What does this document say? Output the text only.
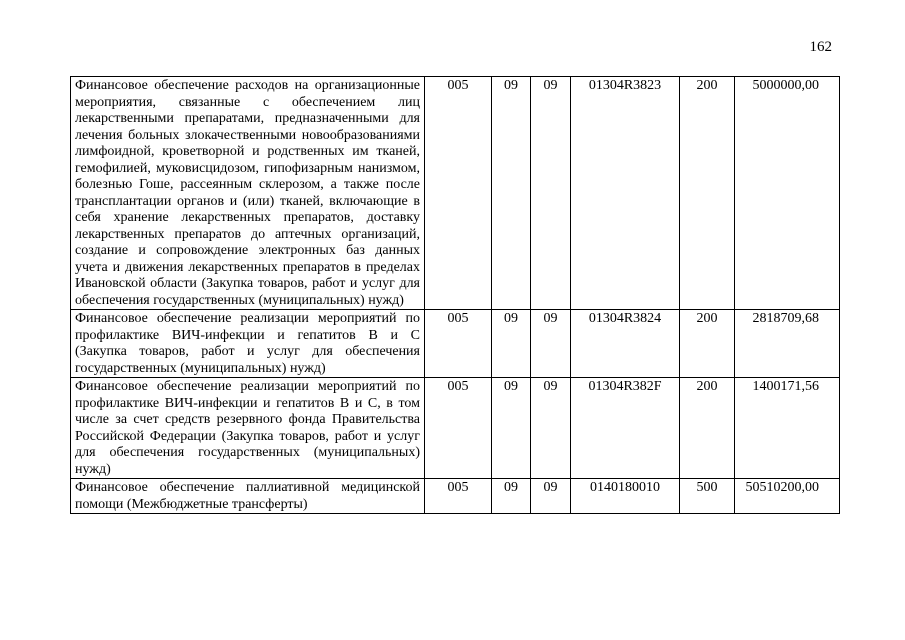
162
Финансовое обеспечение расходов на организационные мероприятия, связанные с обеспечением лиц лекарственными препаратами, предназначенными для лечения больных злокачественными новообразованиями лимфоидной, кроветворной и родственных им тканей, гемофилией, муковисцидозом, гипофизарным нанизмом, болезнью Гоше, рассеянным склерозом, а также после трансплантации органов и (или) тканей, включающие в себя хранение лекарственных препаратов, доставку лекарственных препаратов до аптечных организаций, создание и сопровождение электронных баз данных учета и движения лекарственных препаратов в пределах Ивановской области (Закупка товаров, работ и услуг для обеспечения государственных (муниципальных) нужд)	005	09	09	01304R3823	200	5000000,00
Финансовое обеспечение реализации мероприятий по профилактике ВИЧ-инфекции и гепатитов В и С (Закупка товаров, работ и услуг для обеспечения государственных (муниципальных) нужд)	005	09	09	01304R3824	200	2818709,68
Финансовое обеспечение реализации мероприятий по профилактике ВИЧ-инфекции и гепатитов В и С, в том числе за счет средств резервного фонда Правительства Российской Федерации (Закупка товаров, работ и услуг для обеспечения государственных (муниципальных) нужд)	005	09	09	01304R382F	200	1400171,56
Финансовое обеспечение паллиативной медицинской помощи (Межбюджетные трансферты)	005	09	09	0140180010	500	50510200,00
